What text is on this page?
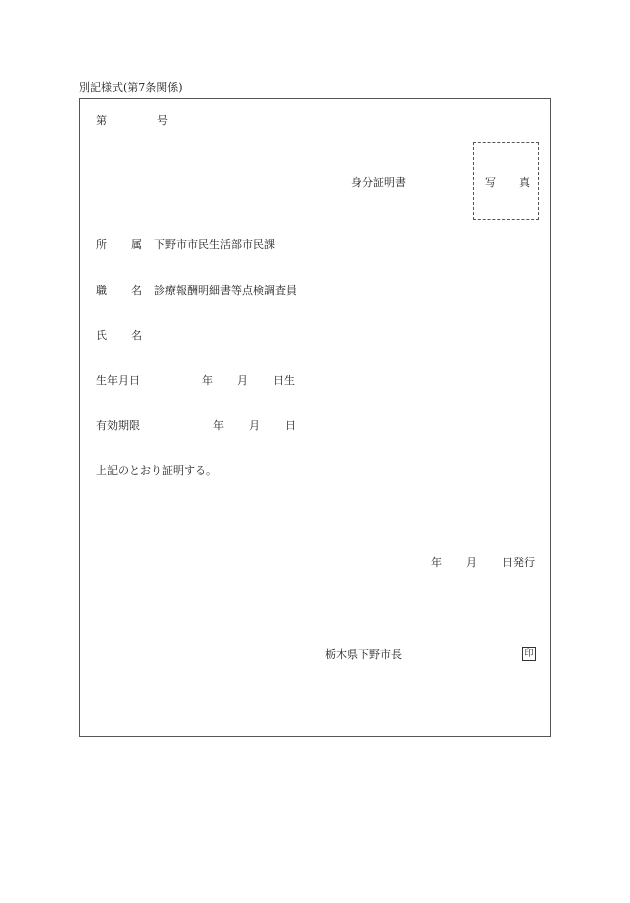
別記様式(第7条関係)
第	号
身分証明書	写 真
所 属 下野市市民生活部市民課
職 名 診療報酬明細書等点検調査員
氏 名
生年月日	年 月 日生
有効期限	年 月 日
上記のとおり証明する。
年 月 日発行
栃木県下野市長	印
